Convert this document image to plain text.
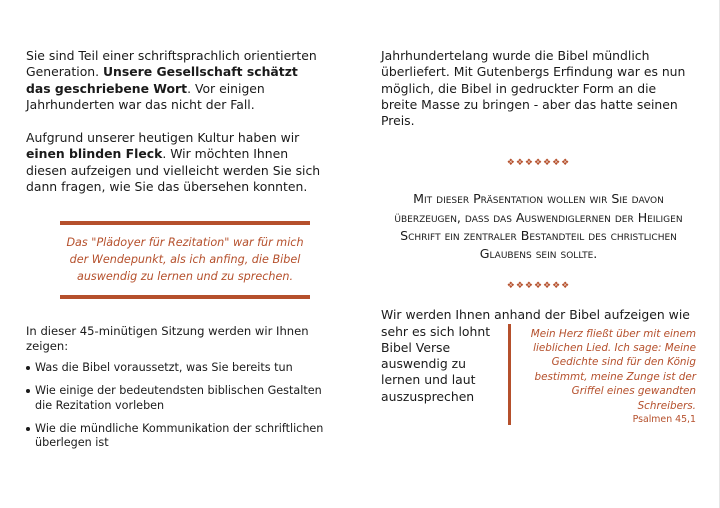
Sie sind Teil einer schriftsprachlich orientierten Generation. Unsere Gesellschaft schätzt das geschriebene Wort. Vor einigen Jahrhunderten war das nicht der Fall.

Aufgrund unserer heutigen Kultur haben wir einen blinden Fleck. Wir möchten Ihnen diesen aufzeigen und vielleicht werden Sie sich dann fragen, wie Sie das übersehen konnten.

Das "Plädoyer für Rezitation" war für mich der Wendepunkt, als ich anfing, die Bibel auswendig zu lernen und zu sprechen.

In dieser 45-minütigen Sitzung werden wir Ihnen zeigen:

Was die Bibel voraussetzt, was Sie bereits tun
Wie einige der bedeutendsten biblischen Gestalten die Rezitation vorleben
Wie die mündliche Kommunikation der schriftlichen überlegen ist

Jahrhundertelang wurde die Bibel mündlich überliefert. Mit Gutenbergs Erfindung war es nun möglich, die Bibel in gedruckter Form an die breite Masse zu bringen - aber das hatte seinen Preis.

❖❖❖❖❖❖❖
Mit dieser Präsentation wollen wir Sie davon überzeugen, dass das Auswendiglernen der Heiligen Schrift ein zentraler Bestandteil des christlichen Glaubens sein sollte.
❖❖❖❖❖❖❖
Wir werden Ihnen anhand der Bibel aufzeigen wie
sehr es sich lohnt Bibel Verse auswendig zu lernen und laut auszusprechen
Mein Herz fließt über mit einem lieblichen Lied. Ich sage: Meine Gedichte sind für den König bestimmt, meine Zunge ist der Griffel eines gewandten Schreibers.
Psalmen 45,1
